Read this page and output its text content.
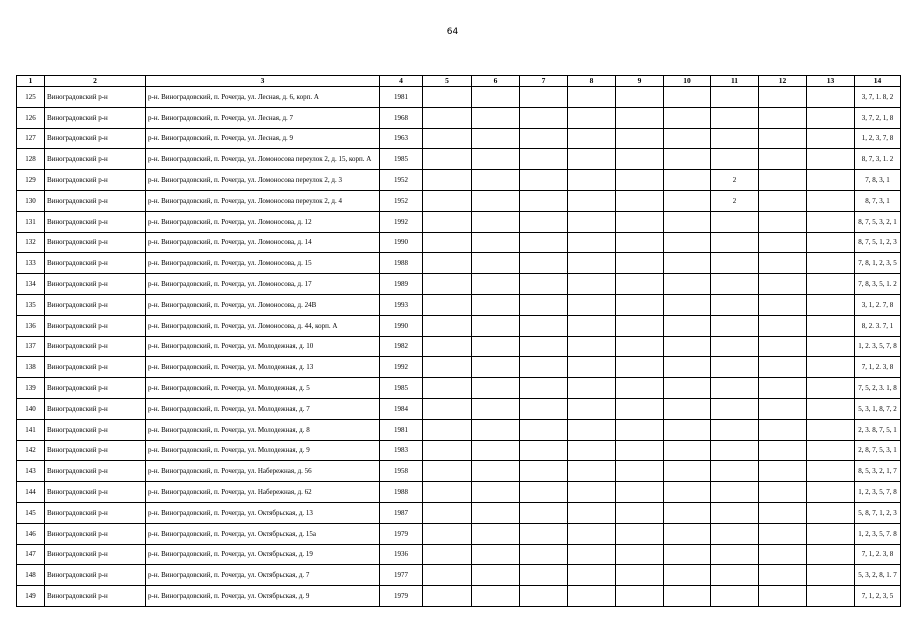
64
1	2	3	4	5	6	7	8	9	10	11	12	13	14
125	Виноградовский р-н	р-н. Виноградовский, п. Рочегда, ул. Лесная, д. 6, корп. А	1981										3, 7, 1. 8, 2
126	Виноградовский р-н	р-н. Виноградовский, п. Рочегда, ул. Лесная, д. 7	1968										3, 7, 2, 1, 8
127	Виноградовский р-н	р-н. Виноградовский, п. Рочегда, ул. Лесная, д. 9	1963										1, 2, 3, 7, 8
128	Виноградовский р-н	р-н. Виноградовский, п. Рочегда, ул. Ломоносова переулок 2, д. 15, корп. А	1985										8, 7, 3, 1. 2
129	Виноградовский р-н	р-н. Виноградовский, п. Рочегда, ул. Ломоносова переулок 2, д. 3	1952							2			7, 8, 3, 1
130	Виноградовский р-н	р-н. Виноградовский, п. Рочегда, ул. Ломоносова переулок 2, д. 4	1952							2			8, 7, 3, 1
131	Виноградовский р-н	р-н. Виноградовский, п. Рочегда, ул. Ломоносова, д. 12	1992										8, 7, 5, 3, 2, 1
132	Виноградовский р-н	р-н. Виноградовский, п. Рочегда, ул. Ломоносова, д. 14	1990										8, 7, 5, 1, 2, 3
133	Виноградовский р-н	р-н. Виноградовский, п. Рочегда, ул. Ломоносова, д. 15	1988										7, 8, 1, 2, 3, 5
134	Виноградовский р-н	р-н. Виноградовский, п. Рочегда, ул. Ломоносова, д. 17	1989										7, 8, 3, 5, 1. 2
135	Виноградовский р-н	р-н. Виноградовский, п. Рочегда, ул. Ломоносова, д. 24В	1993										3, 1, 2. 7, 8
136	Виноградовский р-н	р-н. Виноградовский, п. Рочегда, ул. Ломоносова, д. 44, корп. А	1990										8, 2. 3. 7, 1
137	Виноградовский р-н	р-н. Виноградовский, п. Рочегда, ул. Молодежная, д. 10	1982										1, 2. 3, 5, 7, 8
138	Виноградовский р-н	р-н. Виноградовский, п. Рочегда, ул. Молодежная, д. 13	1992										7, 1, 2. 3, 8
139	Виноградовский р-н	р-н. Виноградовский, п. Рочегда, ул. Молодежная, д. 5	1985										7, 5, 2, 3. 1, 8
140	Виноградовский р-н	р-н. Виноградовский, п. Рочегда, ул. Молодежная, д. 7	1984										5, 3, 1, 8, 7, 2
141	Виноградовский р-н	р-н. Виноградовский, п. Рочегда, ул. Молодежная, д. 8	1981										2, 3. 8, 7, 5, 1
142	Виноградовский р-н	р-н. Виноградовский, п. Рочегда, ул. Молодежная, д. 9	1983										2, 8, 7, 5, 3, 1
143	Виноградовский р-н	р-н. Виноградовский, п. Рочегда, ул. Набережная, д. 56	1958										8, 5, 3, 2, 1, 7
144	Виноградовский р-н	р-н. Виноградовский, п. Рочегда, ул. Набережная, д. 62	1988										1, 2, 3, 5, 7, 8
145	Виноградовский р-н	р-н. Виноградовский, п. Рочегда, ул. Октябрьская, д. 13	1987										5, 8, 7, 1, 2, 3
146	Виноградовский р-н	р-н. Виноградовский, п. Рочегда, ул. Октябрьская, д. 15а	1979										1, 2, 3, 5, 7. 8
147	Виноградовский р-н	р-н. Виноградовский, п. Рочегда, ул. Октябрьская, д. 19	1936										7, 1, 2. 3, 8
148	Виноградовский р-н	р-н. Виноградовский, п. Рочегда, ул. Октябрьская, д. 7	1977										5, 3, 2, 8, 1. 7
149	Виноградовский р-н	р-н. Виноградовский, п. Рочегда, ул. Октябрьская, д. 9	1979										7, 1, 2, 3, 5
